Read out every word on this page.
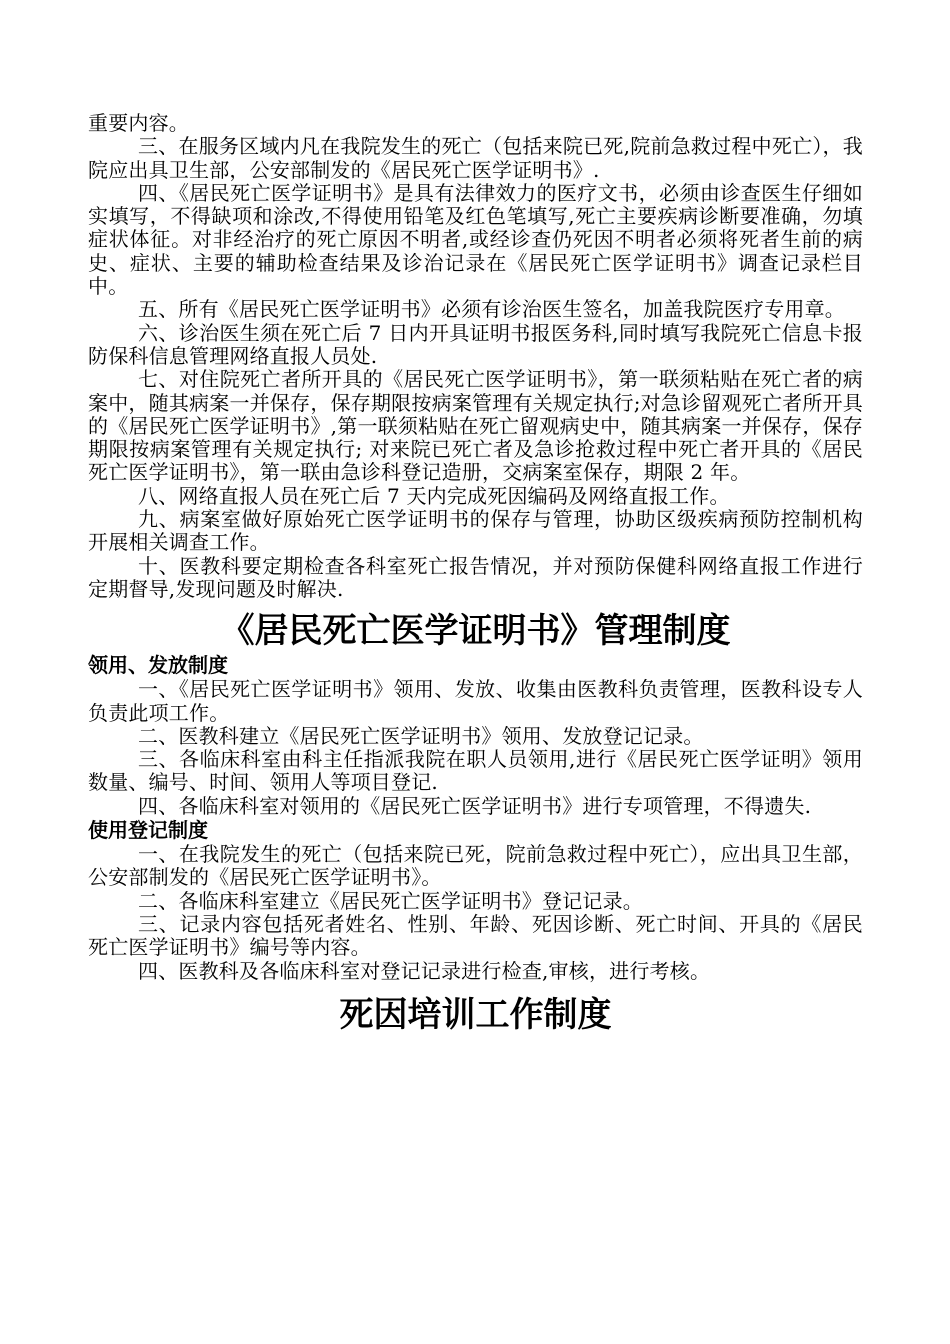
重要内容。

三、在服务区域内凡在我院发生的死亡（包括来院已死,院前急救过程中死亡），我院应出具卫生部，公安部制发的《居民死亡医学证明书》.

四、《居民死亡医学证明书》是具有法律效力的医疗文书，必须由诊查医生仔细如实填写，不得缺项和涂改,不得使用铅笔及红色笔填写,死亡主要疾病诊断要准确，勿填症状体征。对非经治疗的死亡原因不明者,或经诊查仍死因不明者必须将死者生前的病史、症状、主要的辅助检查结果及诊治记录在《居民死亡医学证明书》调查记录栏目中。

五、所有《居民死亡医学证明书》必须有诊治医生签名，加盖我院医疗专用章。

六、诊治医生须在死亡后 7 日内开具证明书报医务科,同时填写我院死亡信息卡报防保科信息管理网络直报人员处.

七、对住院死亡者所开具的《居民死亡医学证明书》，第一联须粘贴在死亡者的病案中，随其病案一并保存，保存期限按病案管理有关规定执行;对急诊留观死亡者所开具的《居民死亡医学证明书》,第一联须粘贴在死亡留观病史中，随其病案一并保存，保存期限按病案管理有关规定执行; 对来院已死亡者及急诊抢救过程中死亡者开具的《居民死亡医学证明书》，第一联由急诊科登记造册，交病案室保存，期限 2 年。

八、网络直报人员在死亡后 7 天内完成死因编码及网络直报工作。

九、病案室做好原始死亡医学证明书的保存与管理，协助区级疾病预防控制机构开展相关调查工作。

十、医教科要定期检查各科室死亡报告情况，并对预防保健科网络直报工作进行定期督导,发现问题及时解决.

《居民死亡医学证明书》管理制度
领用、发放制度

一、《居民死亡医学证明书》领用、发放、收集由医教科负责管理，医教科设专人负责此项工作。

二、医教科建立《居民死亡医学证明书》领用、发放登记记录。

三、各临床科室由科主任指派我院在职人员领用,进行《居民死亡医学证明》领用数量、编号、时间、领用人等项目登记.

四、各临床科室对领用的《居民死亡医学证明书》进行专项管理，不得遗失.

使用登记制度

一、在我院发生的死亡（包括来院已死，院前急救过程中死亡），应出具卫生部，公安部制发的《居民死亡医学证明书》。

二、各临床科室建立《居民死亡医学证明书》登记记录。

三、记录内容包括死者姓名、性别、年龄、死因诊断、死亡时间、开具的《居民死亡医学证明书》编号等内容。

四、医教科及各临床科室对登记记录进行检查,审核，进行考核。

死因培训工作制度
